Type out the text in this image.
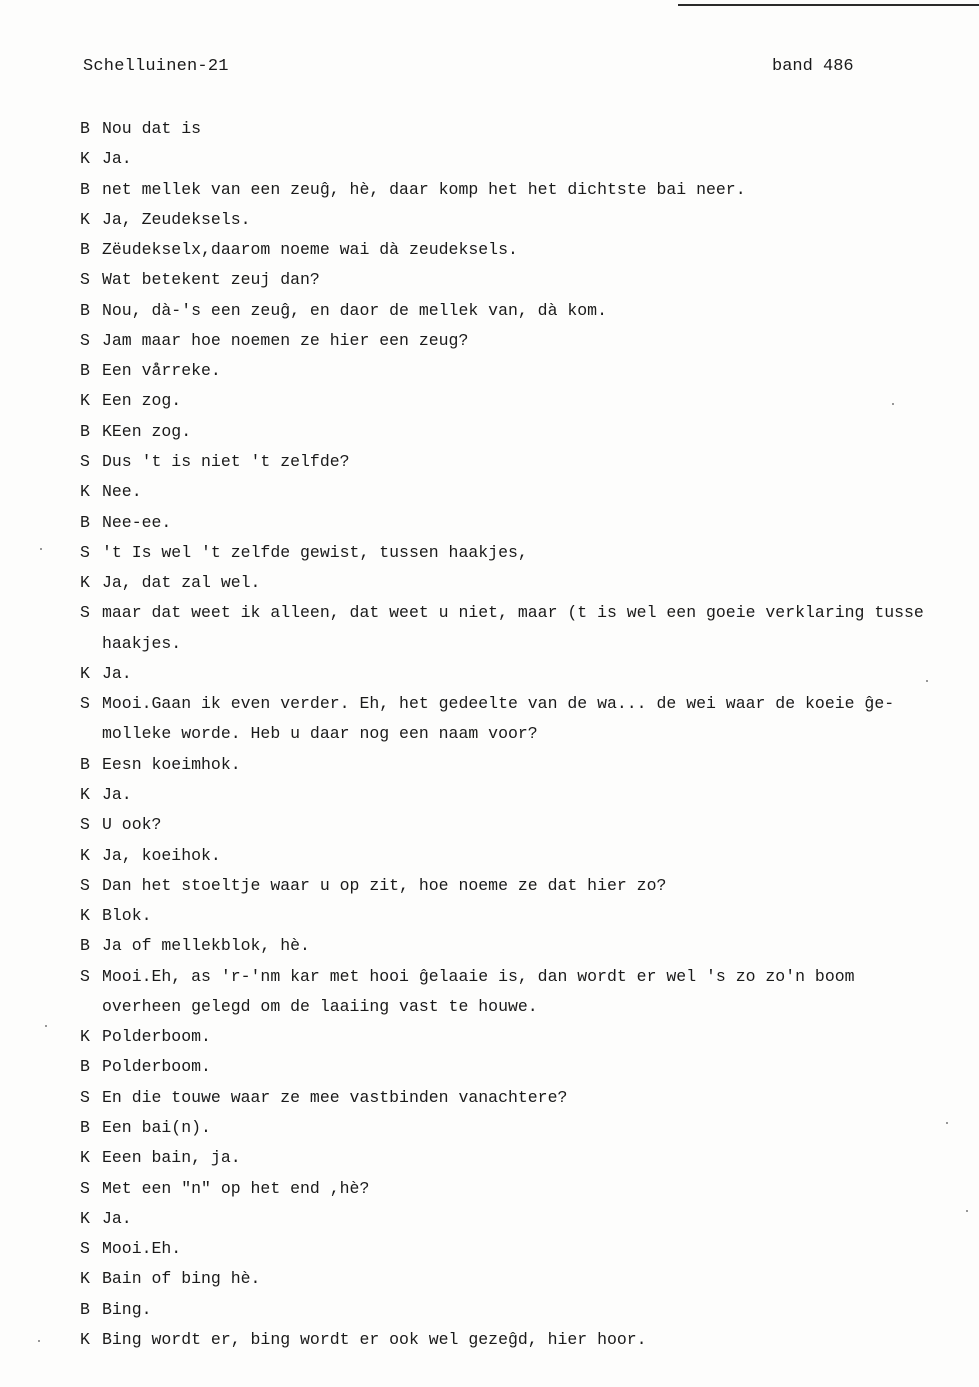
Schelluinen-21	band 486
B Nou dat is
K Ja.
B net mellek van een zeuĝ, hè, daar komp het het dichtste bai neer.
K Ja, Zeudeksels.
B Zëudekselx,daarom noeme wai dà zeudeksels.
S Wat betekent zeuj dan?
B Nou, dà-'s een zeuĝ, en daor de mellek van, dà kom.
S Jam maar hoe noemen ze hier een zeug?
B Een vårreke.
K Een zog.
B KEen zog.
S Dus 't is niet 't zelfde?
K Nee.
B Nee-ee.
S 't Is wel 't zelfde gewist, tussen haakjes,
K Ja, dat zal wel.
S maar dat weet ik alleen, dat weet u niet, maar (t is wel een goeie verklaring tusse
haakjes.
K Ja.
S Mooi.Gaan ik even verder. Eh, het gedeelte van de wa... de wei waar de koeie ĝe-
molleke worde. Heb u daar nog een naam voor?
B Eesn koeimhok.
K Ja.
S U ook?
K Ja, koeihok.
S Dan het stoeltje waar u op zit, hoe noeme ze dat hier zo?
K Blok.
B Ja of mellekblok, hè.
S Mooi.Eh, as 'r-'nm kar met hooi ĝelaaie is, dan wordt er wel 's zo zo'n boom
overheen gelegd om de laaiing vast te houwe.
K Polderboom.
B Polderboom.
S En die touwe waar ze mee vastbinden vanachtere?
B Een bai(n).
K Eeen bain, ja.
S Met een "n" op het end ,hè?
K Ja.
S Mooi.Eh.
K Bain of bing hè.
B Bing.
K Bing wordt er, bing wordt er ook wel gezeĝd, hier hoor.
